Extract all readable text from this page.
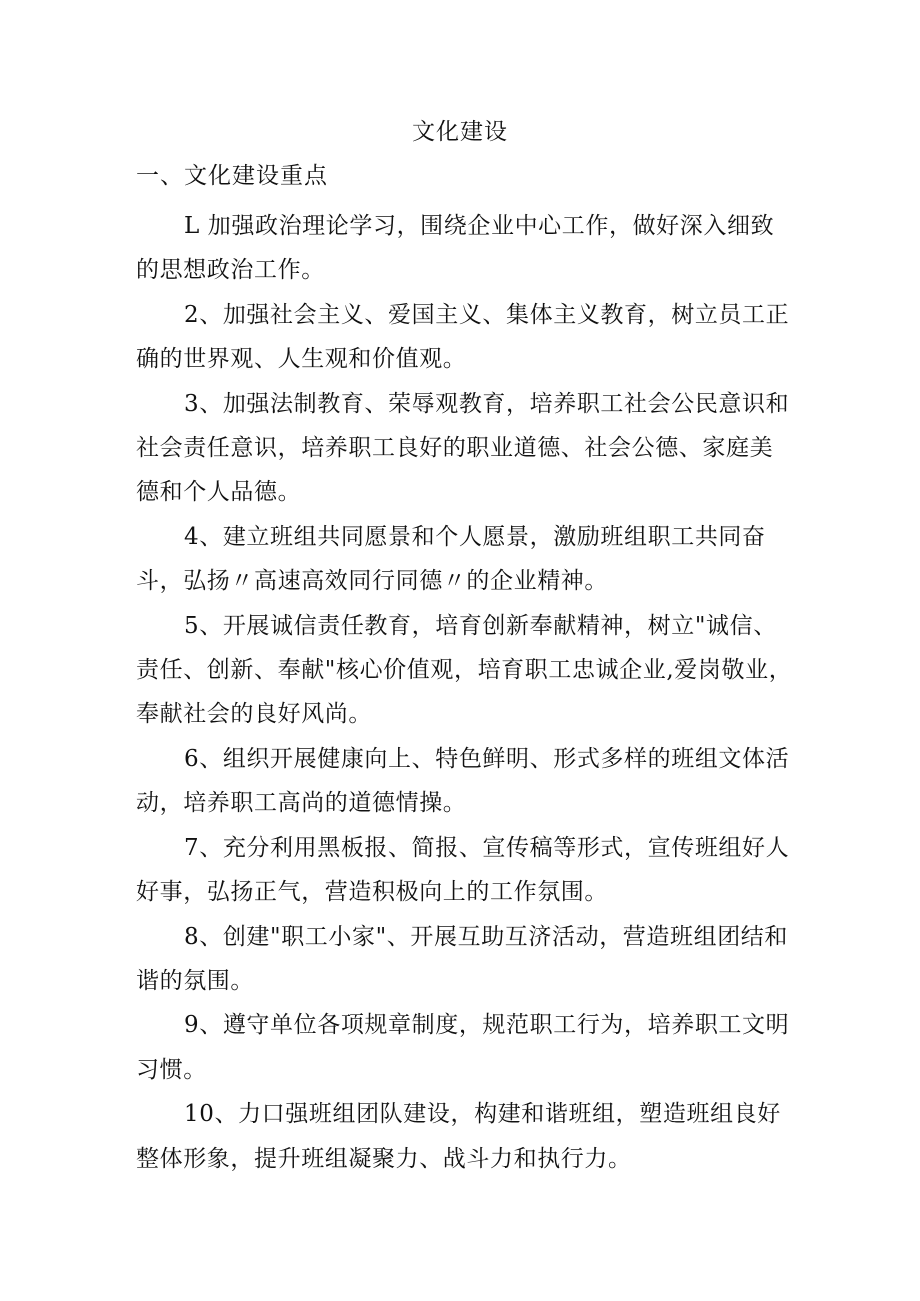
文化建设
一、文化建设重点

L 加强政治理论学习，围绕企业中心工作，做好深入细致的思想政治工作。

2、加强社会主义、爱国主义、集体主义教育，树立员工正确的世界观、人生观和价值观。

3、加强法制教育、荣辱观教育，培养职工社会公民意识和社会责任意识，培养职工良好的职业道德、社会公德、家庭美德和个人品德。

4、建立班组共同愿景和个人愿景，激励班组职工共同奋斗，弘扬〃高速高效同行同德〃的企业精神。

5、开展诚信责任教育，培育创新奉献精神，树立"诚信、责任、创新、奉献"核心价值观，培育职工忠诚企业,爱岗敬业，奉献社会的良好风尚。

6、组织开展健康向上、特色鲜明、形式多样的班组文体活动，培养职工高尚的道德情操。

7、充分利用黑板报、简报、宣传稿等形式，宣传班组好人好事，弘扬正气，营造积极向上的工作氛围。

8、创建"职工小家"、开展互助互济活动，营造班组团结和谐的氛围。

9、遵守单位各项规章制度，规范职工行为，培养职工文明习惯。

10、力口强班组团队建设，构建和谐班组，塑造班组良好整体形象，提升班组凝聚力、战斗力和执行力。
